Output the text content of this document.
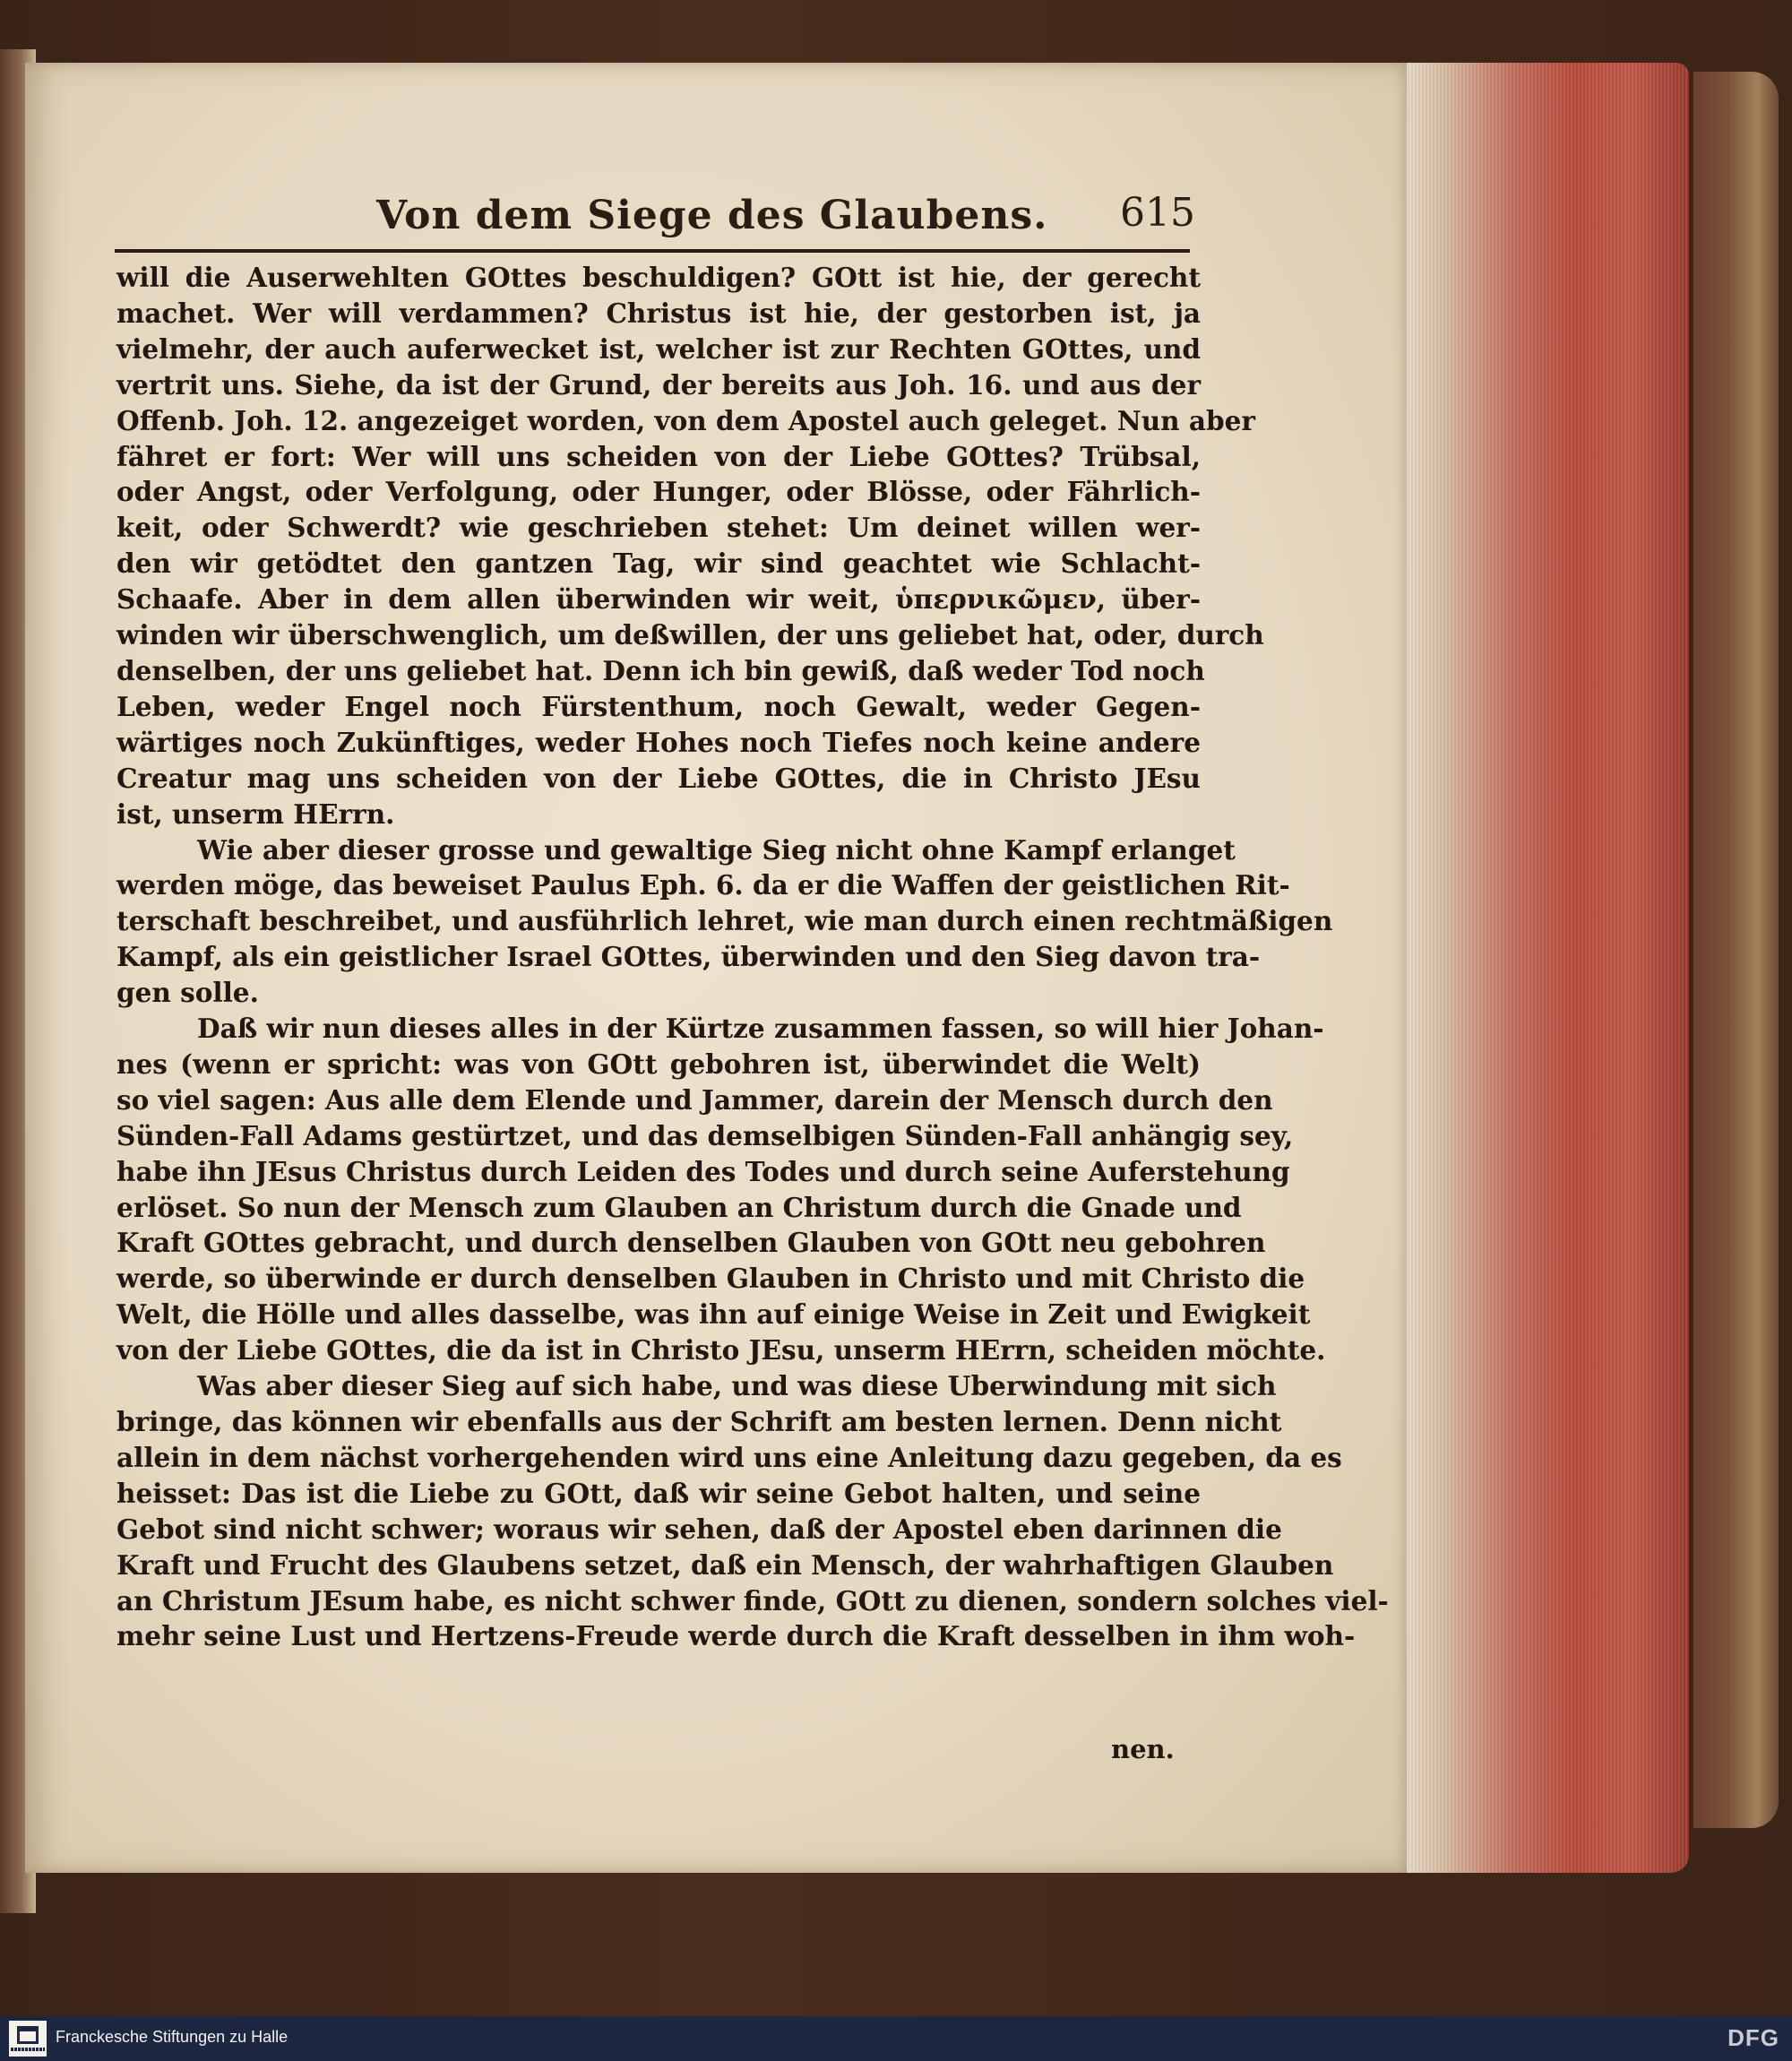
Von dem Siege des Glaubens. 615
will die Auserwehlten GOttes beschuldigen? GOtt ist hie, der gerecht
machet. Wer will verdammen? Christus ist hie, der gestorben ist, ja
vielmehr, der auch auferwecket ist, welcher ist zur Rechten GOttes, und
vertrit uns. Siehe, da ist der Grund, der bereits aus Joh. 16. und aus der
Offenb. Joh. 12. angezeiget worden, von dem Apostel auch geleget. Nun aber
fähret er fort: Wer will uns scheiden von der Liebe GOttes? Trübsal,
oder Angst, oder Verfolgung, oder Hunger, oder Blösse, oder Fährlich-
keit, oder Schwerdt? wie geschrieben stehet: Um deinet willen wer-
den wir getödtet den gantzen Tag, wir sind geachtet wie Schlacht-
Schaafe. Aber in dem allen überwinden wir weit, ὑπερνικῶμεν, über-
winden wir überschwenglich, um deßwillen, der uns geliebet hat, oder, durch
denselben, der uns geliebet hat. Denn ich bin gewiß, daß weder Tod noch
Leben, weder Engel noch Fürstenthum, noch Gewalt, weder Gegen-
wärtiges noch Zukünftiges, weder Hohes noch Tiefes noch keine andere
Creatur mag uns scheiden von der Liebe GOttes, die in Christo JEsu
ist, unserm HErrn.
Wie aber dieser grosse und gewaltige Sieg nicht ohne Kampf erlanget
werden möge, das beweiset Paulus Eph. 6. da er die Waffen der geistlichen Rit-
terschaft beschreibet, und ausführlich lehret, wie man durch einen rechtmäßigen
Kampf, als ein geistlicher Israel GOttes, überwinden und den Sieg davon tra-
gen solle.
Daß wir nun dieses alles in der Kürtze zusammen fassen, so will hier Johan-
nes (wenn er spricht: was von GOtt gebohren ist, überwindet die Welt)
so viel sagen: Aus alle dem Elende und Jammer, darein der Mensch durch den
Sünden-Fall Adams gestürtzet, und das demselbigen Sünden-Fall anhängig sey,
habe ihn JEsus Christus durch Leiden des Todes und durch seine Auferstehung
erlöset. So nun der Mensch zum Glauben an Christum durch die Gnade und
Kraft GOttes gebracht, und durch denselben Glauben von GOtt neu gebohren
werde, so überwinde er durch denselben Glauben in Christo und mit Christo die
Welt, die Hölle und alles dasselbe, was ihn auf einige Weise in Zeit und Ewigkeit
von der Liebe GOttes, die da ist in Christo JEsu, unserm HErrn, scheiden möchte.
Was aber dieser Sieg auf sich habe, und was diese Uberwindung mit sich
bringe, das können wir ebenfalls aus der Schrift am besten lernen. Denn nicht
allein in dem nächst vorhergehenden wird uns eine Anleitung dazu gegeben, da es
heisset: Das ist die Liebe zu GOtt, daß wir seine Gebot halten, und seine
Gebot sind nicht schwer; woraus wir sehen, daß der Apostel eben darinnen die
Kraft und Frucht des Glaubens setzet, daß ein Mensch, der wahrhaftigen Glauben
an Christum JEsum habe, es nicht schwer finde, GOtt zu dienen, sondern solches viel-
mehr seine Lust und Hertzens-Freude werde durch die Kraft desselben in ihm woh-
nen.
Franckesche Stiftungen zu Halle	DFG
